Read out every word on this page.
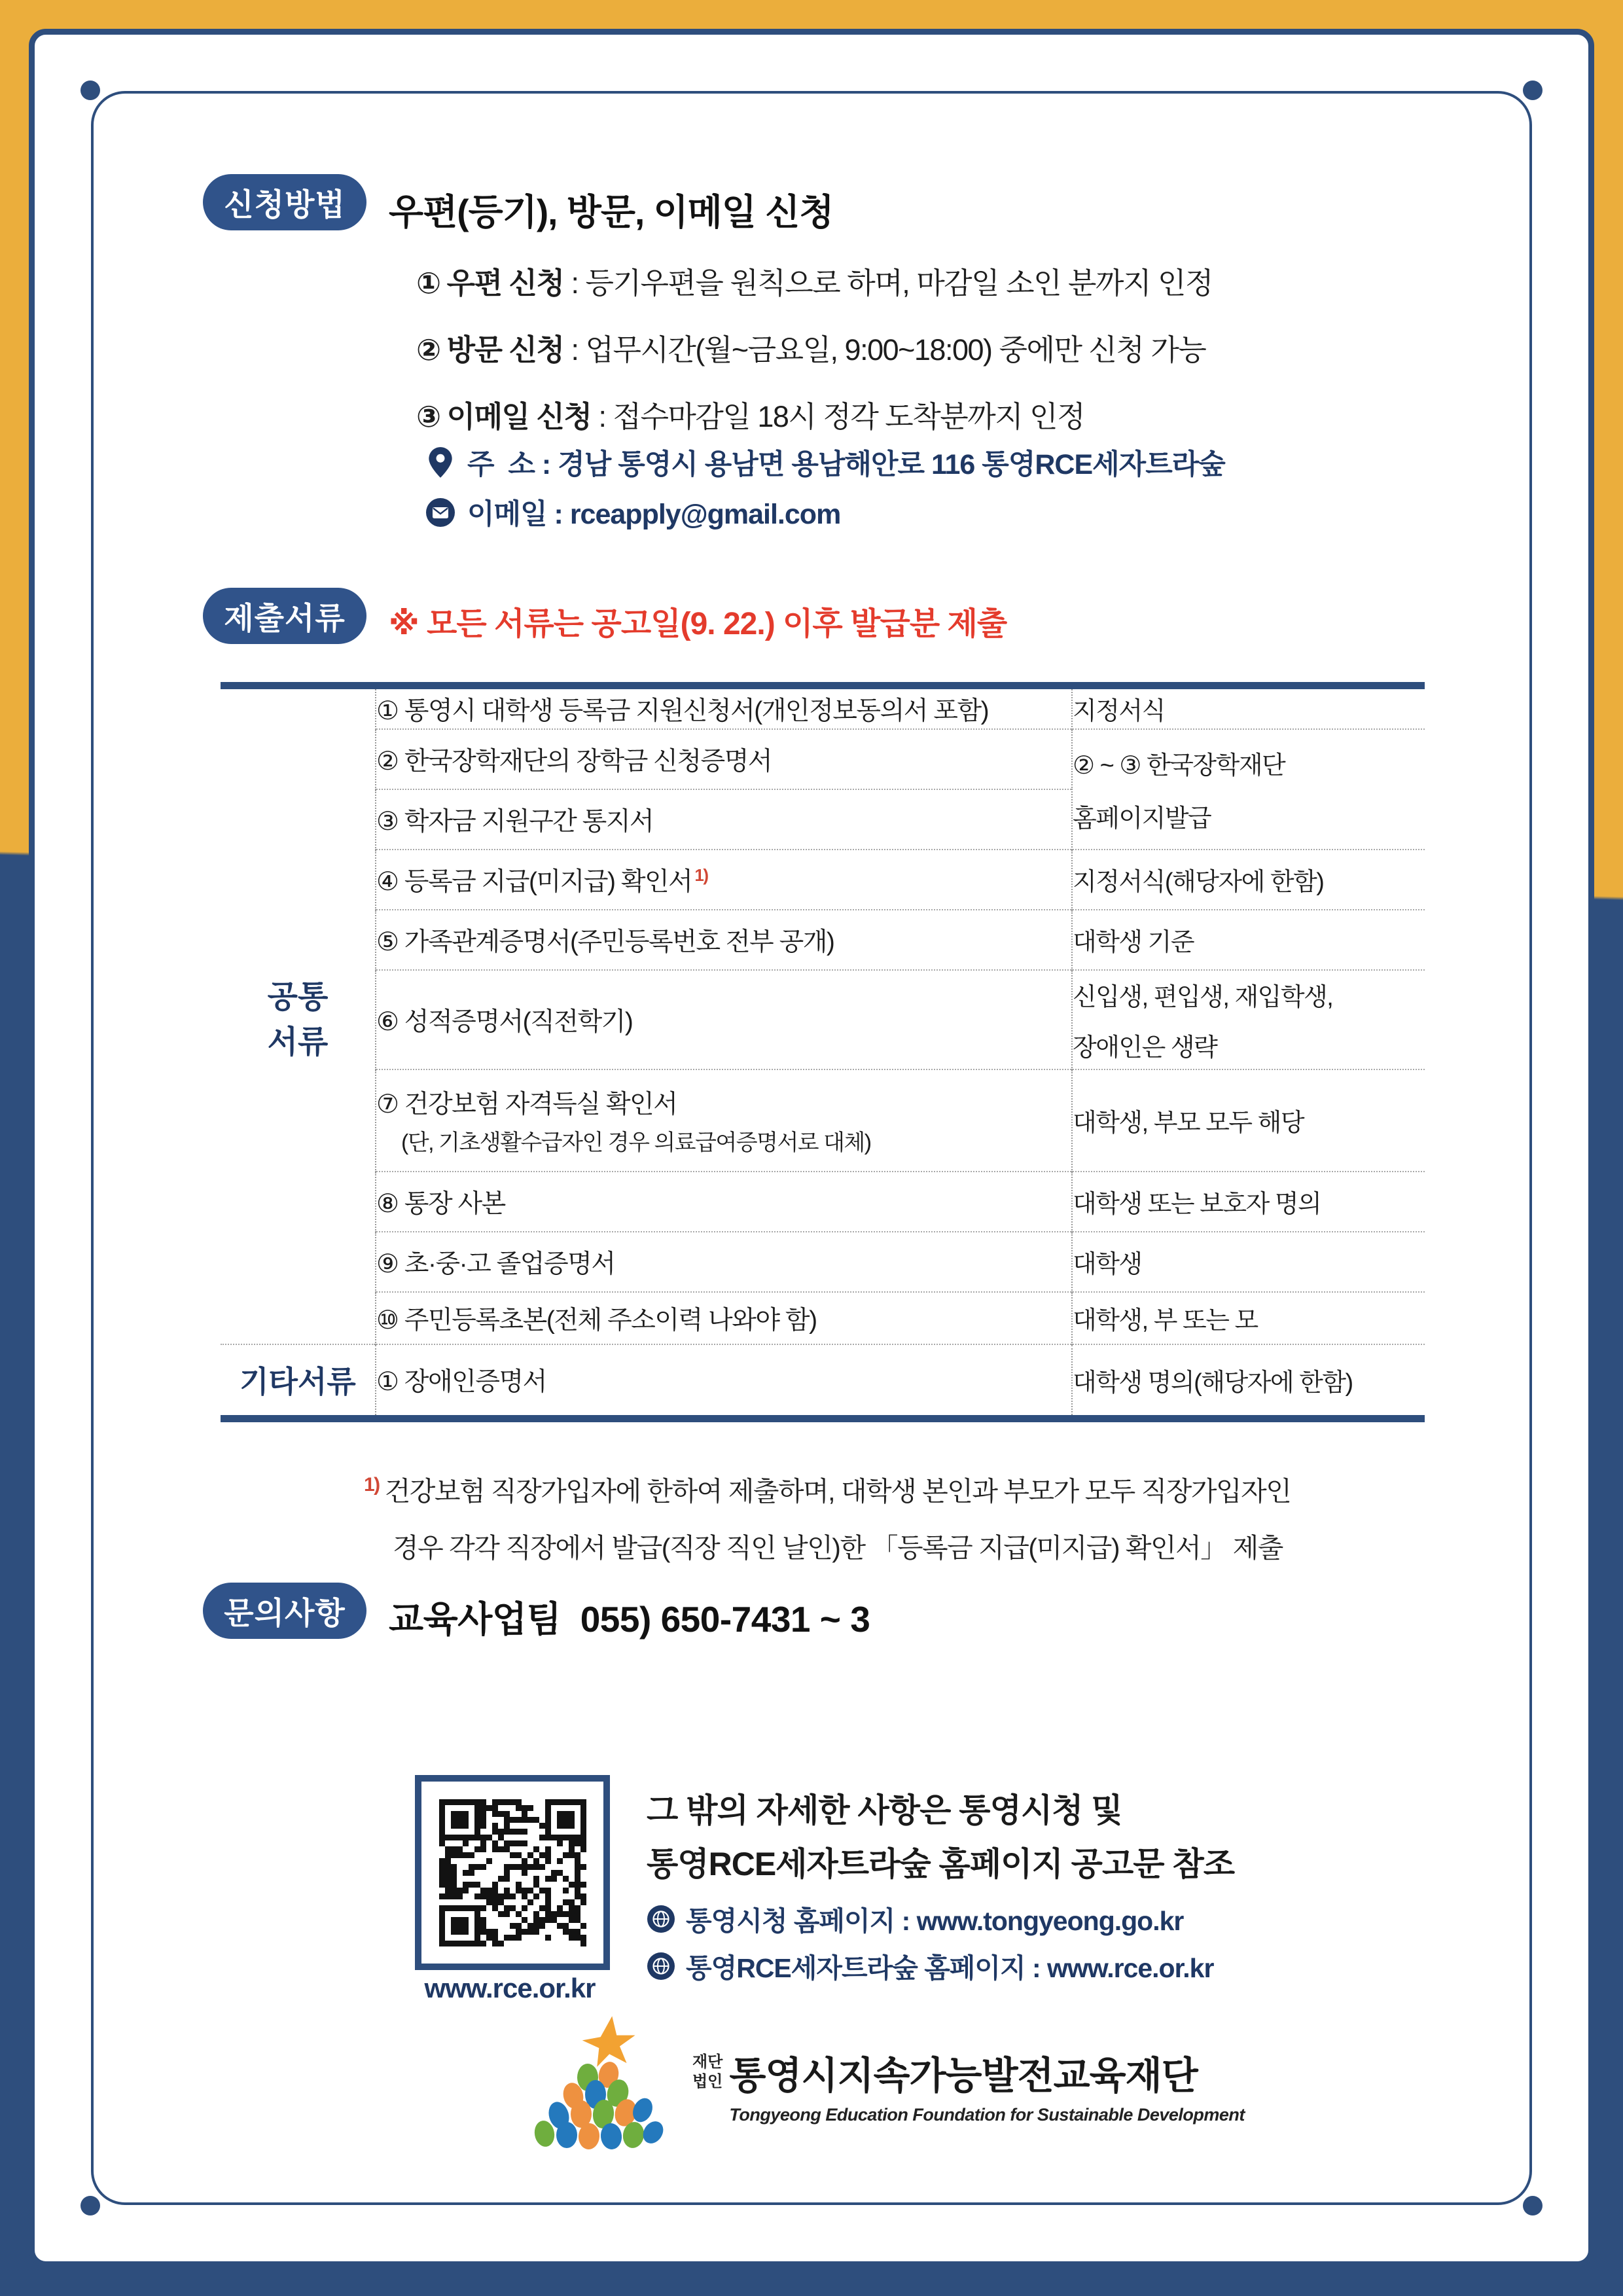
신청방법	우편(등기), 방문, 이메일 신청
① 우편 신청 : 등기우편을 원칙으로 하며, 마감일 소인 분까지 인정
② 방문 신청 : 업무시간(월~금요일, 9:00~18:00) 중에만 신청 가능
③ 이메일 신청 : 접수마감일 18시 정각 도착분까지 인정
주  소 : 경남 통영시 용남면 용남해안로 116 통영RCE세자트라숲
이메일 : rceapply@gmail.com
제출서류	※ 모든 서류는 공고일(9. 22.) 이후 발급분 제출
공통
서류	① 통영시 대학생 등록금 지원신청서(개인정보동의서 포함)	지정서식
	② 한국장학재단의 장학금 신청증명서	② ~ ③ 한국장학재단
홈페이지발급

	③ 학자금 지원구간 통지서	
	④ 등록금 지급(미지급) 확인서 $^{1)}$	지정서식(해당자에 한함)
	⑤ 가족관계증명서(주민등록번호 전부 공개)	대학생 기준
	⑥ 성적증명서(직전학기)	신입생, 편입생, 재입학생,
장애인은 생략

	⑦ 건강보험 자격득실 확인서
(단, 기초생활수급자인 경우 의료급여증명서로 대체)	대학생, 부모 모두 해당
	⑧ 통장 사본	대학생 또는 보호자 명의
	⑨ 초·중·고 졸업증명서	대학생
	⑩ 주민등록초본(전체 주소이력 나와야 함)	대학생, 부 또는 모
기타서류	① 장애인증명서	대학생 명의(해당자에 한함)
$^{1)}$ 건강보험 직장가입자에 한하여 제출하며, 대학생 본인과 부모가 모두 직장가입자인
경우 각각 직장에서 발급(직장 직인 날인)한 「등록금 지급(미지급) 확인서」 제출
문의사항	교육사업팀  055) 650-7431 ~ 3
www.rce.or.kr
그 밖의 자세한 사항은 통영시청 및
통영RCE세자트라숲 홈페이지 공고문 참조
통영시청 홈페이지 : www.tongyeong.go.kr
통영RCE세자트라숲 홈페이지 : www.rce.or.kr
재단
법인 통영시지속가능발전교육재단
Tongyeong Education Foundation for Sustainable Development
